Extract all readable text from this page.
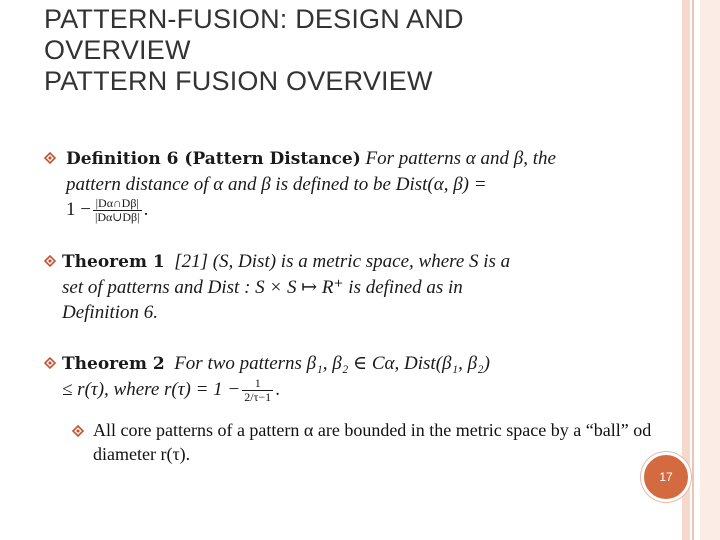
PATTERN-FUSION: DESIGN AND
OVERVIEW
PATTERN FUSION OVERVIEW
Definition 6 (Pattern Distance) For patterns α and β, the
pattern distance of α and β is defined to be Dist(α, β) =
$1 - \frac{|D\alpha\cap D\beta|}{|D\alpha\cup D\beta|}$ .
Theorem 1 [21] (S, Dist) is a metric space, where S is a
set of patterns and Dist : S × S ↦ R⁺ is defined as in
Definition 6.
Theorem 2 For two patterns β₁, β₂ ∈ Cα, Dist(β₁, β₂)
≤ r(τ), where $r(\tau) = 1 - \frac{1}{2/\tau-1}$ .
All core patterns of a pattern α are bounded in the metric space by a “ball” od diameter r(τ).
17
